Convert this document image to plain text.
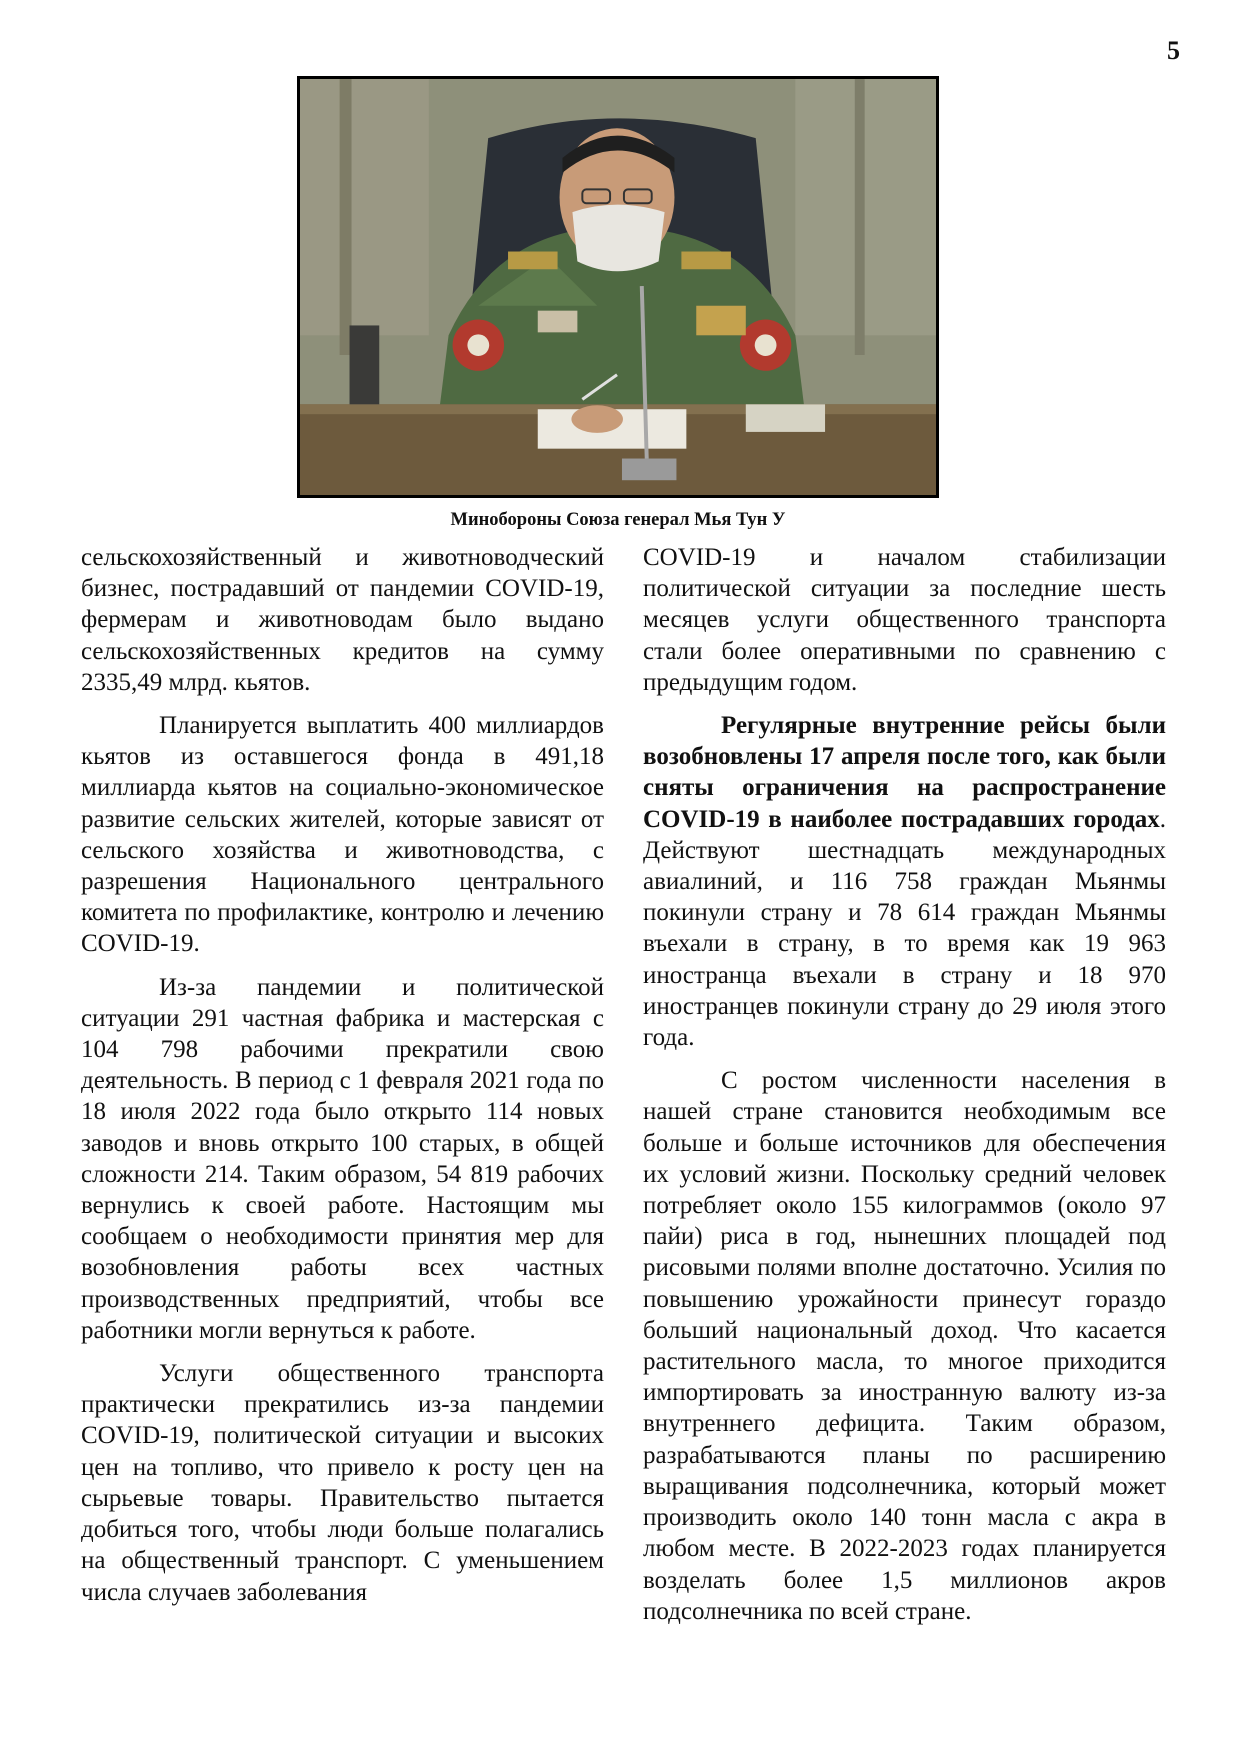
5
Минобороны Союза генерал Мья Тун У

сельскохозяйственный и животноводческий бизнес, пострадавший от пандемии COVID-19, фермерам и животноводам было выдано сельскохозяйственных кредитов на сумму 2335,49 млрд. кьятов.

Планируется выплатить 400 миллиардов кьятов из оставшегося фонда в 491,18 миллиарда кьятов на социально-экономическое развитие сельских жителей, которые зависят от сельского хозяйства и животноводства, с разрешения Национального центрального комитета по профилактике, контролю и лечению COVID-19.

Из-за пандемии и политической ситуации 291 частная фабрика и мастерская с 104 798 рабочими прекратили свою деятельность. В период с 1 февраля 2021 года по 18 июля 2022 года было открыто 114 новых заводов и вновь открыто 100 старых, в общей сложности 214. Таким образом, 54 819 рабочих вернулись к своей работе. Настоящим мы сообщаем о необходимости принятия мер для возобновления работы всех частных производственных предприятий, чтобы все работники могли вернуться к работе.

Услуги общественного транспорта практически прекратились из-за пандемии COVID-19, политической ситуации и высоких цен на топливо, что привело к росту цен на сырьевые товары. Правительство пытается добиться того, чтобы люди больше полагались на общественный транспорт. С уменьшением числа случаев заболевания

COVID-19 и началом стабилизации политической ситуации за последние шесть месяцев услуги общественного транспорта стали более оперативными по сравнению с предыдущим годом.

Регулярные внутренние рейсы были возобновлены 17 апреля после того, как были сняты ограничения на распространение COVID-19 в наиболее пострадавших городах. Действуют шестнадцать международных авиалиний, и 116 758 граждан Мьянмы покинули страну и 78 614 граждан Мьянмы въехали в страну, в то время как 19 963 иностранца въехали в страну и 18 970 иностранцев покинули страну до 29 июля этого года.

С ростом численности населения в нашей стране становится необходимым все больше и больше источников для обеспечения их условий жизни. Поскольку средний человек потребляет около 155 килограммов (около 97 пайи) риса в год, нынешних площадей под рисовыми полями вполне достаточно. Усилия по повышению урожайности принесут гораздо больший национальный доход. Что касается растительного масла, то многое приходится импортировать за иностранную валюту из-за внутреннего дефицита. Таким образом, разрабатываются планы по расширению выращивания подсолнечника, который может производить около 140 тонн масла с акра в любом месте. В 2022-2023 годах планируется возделать более 1,5 миллионов акров подсолнечника по всей стране.
